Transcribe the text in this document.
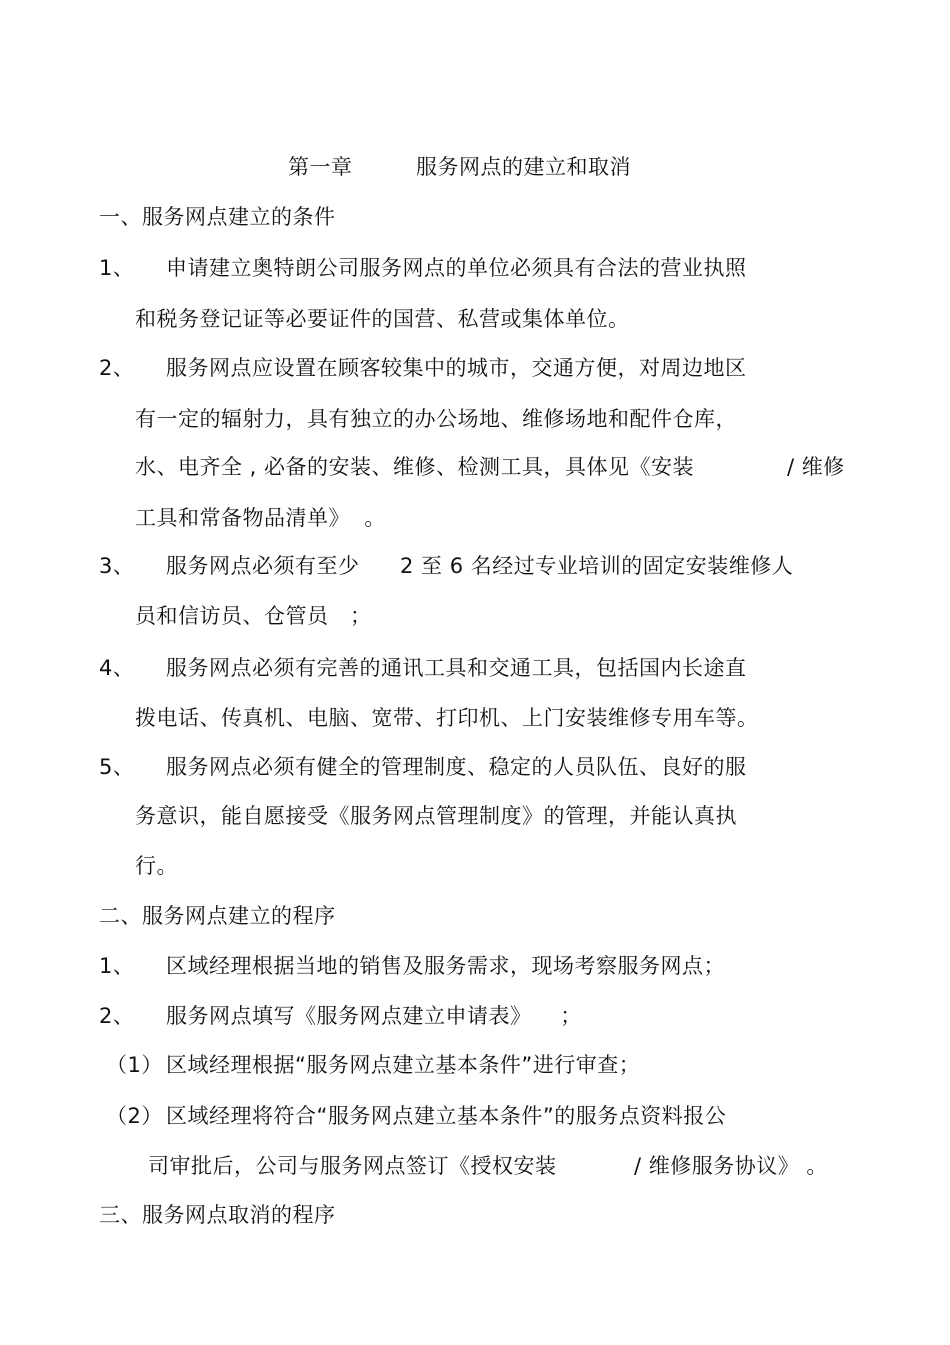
第一章	服务网点的建立和取消
一、服务网点建立的条件
1、 申请建立奥特朗公司服务网点的单位必须具有合法的营业执照
和税务登记证等必要证件的国营、私营或集体单位。
2、 服务网点应设置在顾客较集中的城市，交通方便，对周边地区
有一定的辐射力，具有独立的办公场地、维修场地和配件仓库，
水、电齐全 , 必备的安装、维修、检测工具，具体见《安装	/ 维修
工具和常备物品清单》  。
3、 服务网点必须有至少 2 至 6 名经过专业培训的固定安装维修人
员和信访员、仓管员   ；
4、 服务网点必须有完善的通讯工具和交通工具，包括国内长途直
拨电话、传真机、电脑、宽带、打印机、上门安装维修专用车等。
5、 服务网点必须有健全的管理制度、稳定的人员队伍、良好的服
务意识，能自愿接受《服务网点管理制度》的管理，并能认真执
行。
二、服务网点建立的程序
1、 区域经理根据当地的销售及服务需求，现场考察服务网点；
2、 服务网点填写《服务网点建立申请表》    ；
（1） 区域经理根据“服务网点建立基本条件”进行审查；
（2） 区域经理将符合“服务网点建立基本条件”的服务点资料报公
司审批后，公司与服务网点签订《授权安装	/ 维修服务协议》 。
三、服务网点取消的程序
